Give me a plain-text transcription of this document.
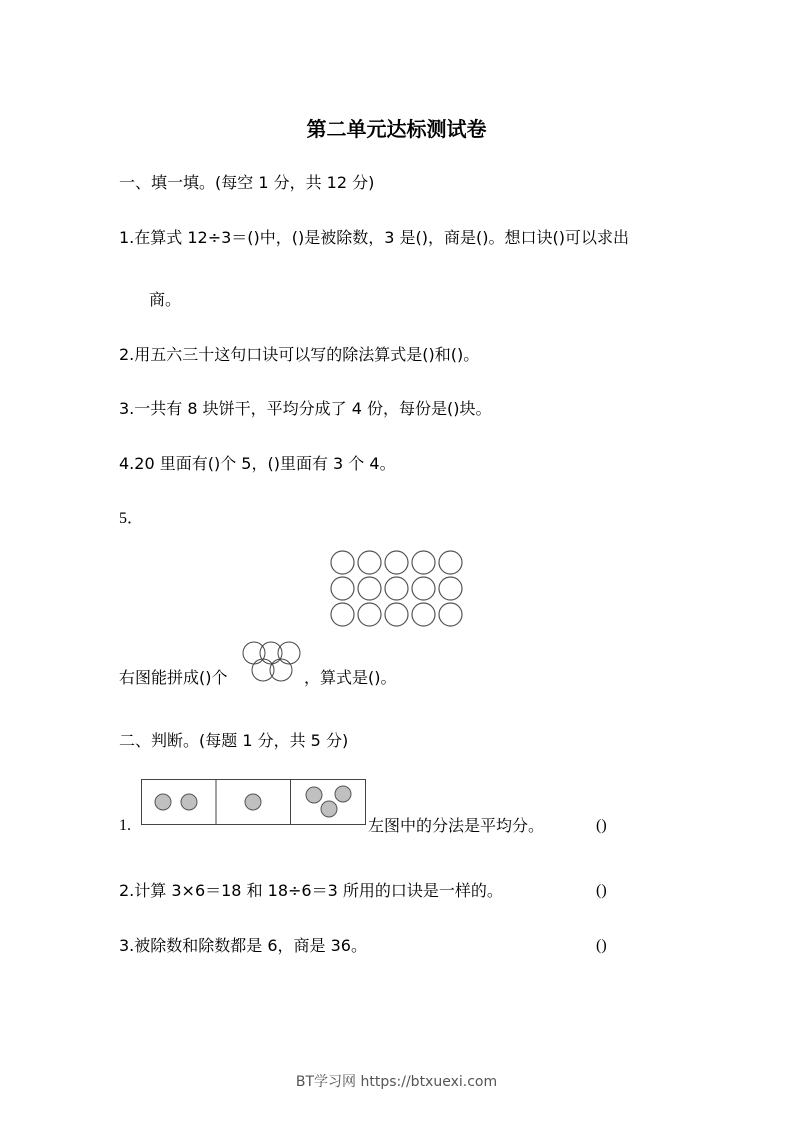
第二单元达标测试卷
一、填一填。(每空 1 分，共 12 分)
1.在算式 12÷3＝()中，()是被除数，3 是()，商是()。想口诀()可以求出
商。
2.用五六三十这句口诀可以写的除法算式是()和()。
3.一共有 8 块饼干，平均分成了 4 份，每份是()块。
4.20 里面有()个 5，()里面有 3 个 4。
5．
右图能拼成()个	，算式是()。
二、判断。(每题 1 分，共 5 分)
1.	左图中的分法是平均分。	()
2.计算 3×6＝18 和 18÷6＝3 所用的口诀是一样的。	()
3.被除数和除数都是 6，商是 36。	()
BT学习网 https://btxuexi.com
